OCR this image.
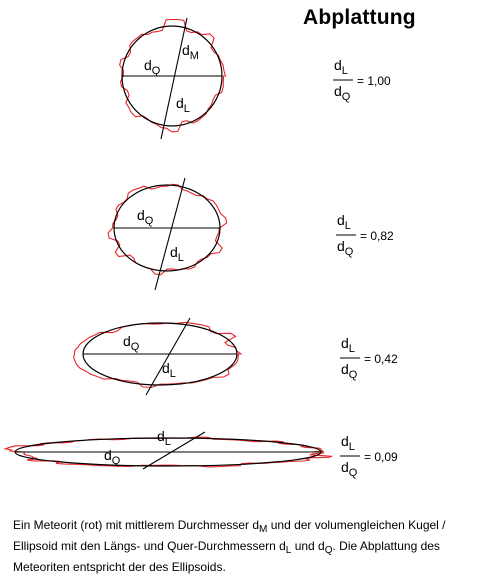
Abplattung
$d_Q$
$d_L$
$d_M$
$d_L$
$d_Q$
= 1,00
$d_Q$
$d_L$
$d_L$
$d_Q$
= 0,82
$d_Q$
$d_L$
$d_L$
$d_Q$
= 0,42
$d_Q$
$d_L$	$d_L$
$d_Q$
= 0,09
Ein Meteorit (rot) mit mittlerem Durchmesser $d_M$ und der volumengleichen Kugel / Ellipsoid mit den Längs- und Quer-Durchmessern $d_L$ und $d_Q$. Die Abplattung des Meteoriten entspricht der des Ellipsoids.
